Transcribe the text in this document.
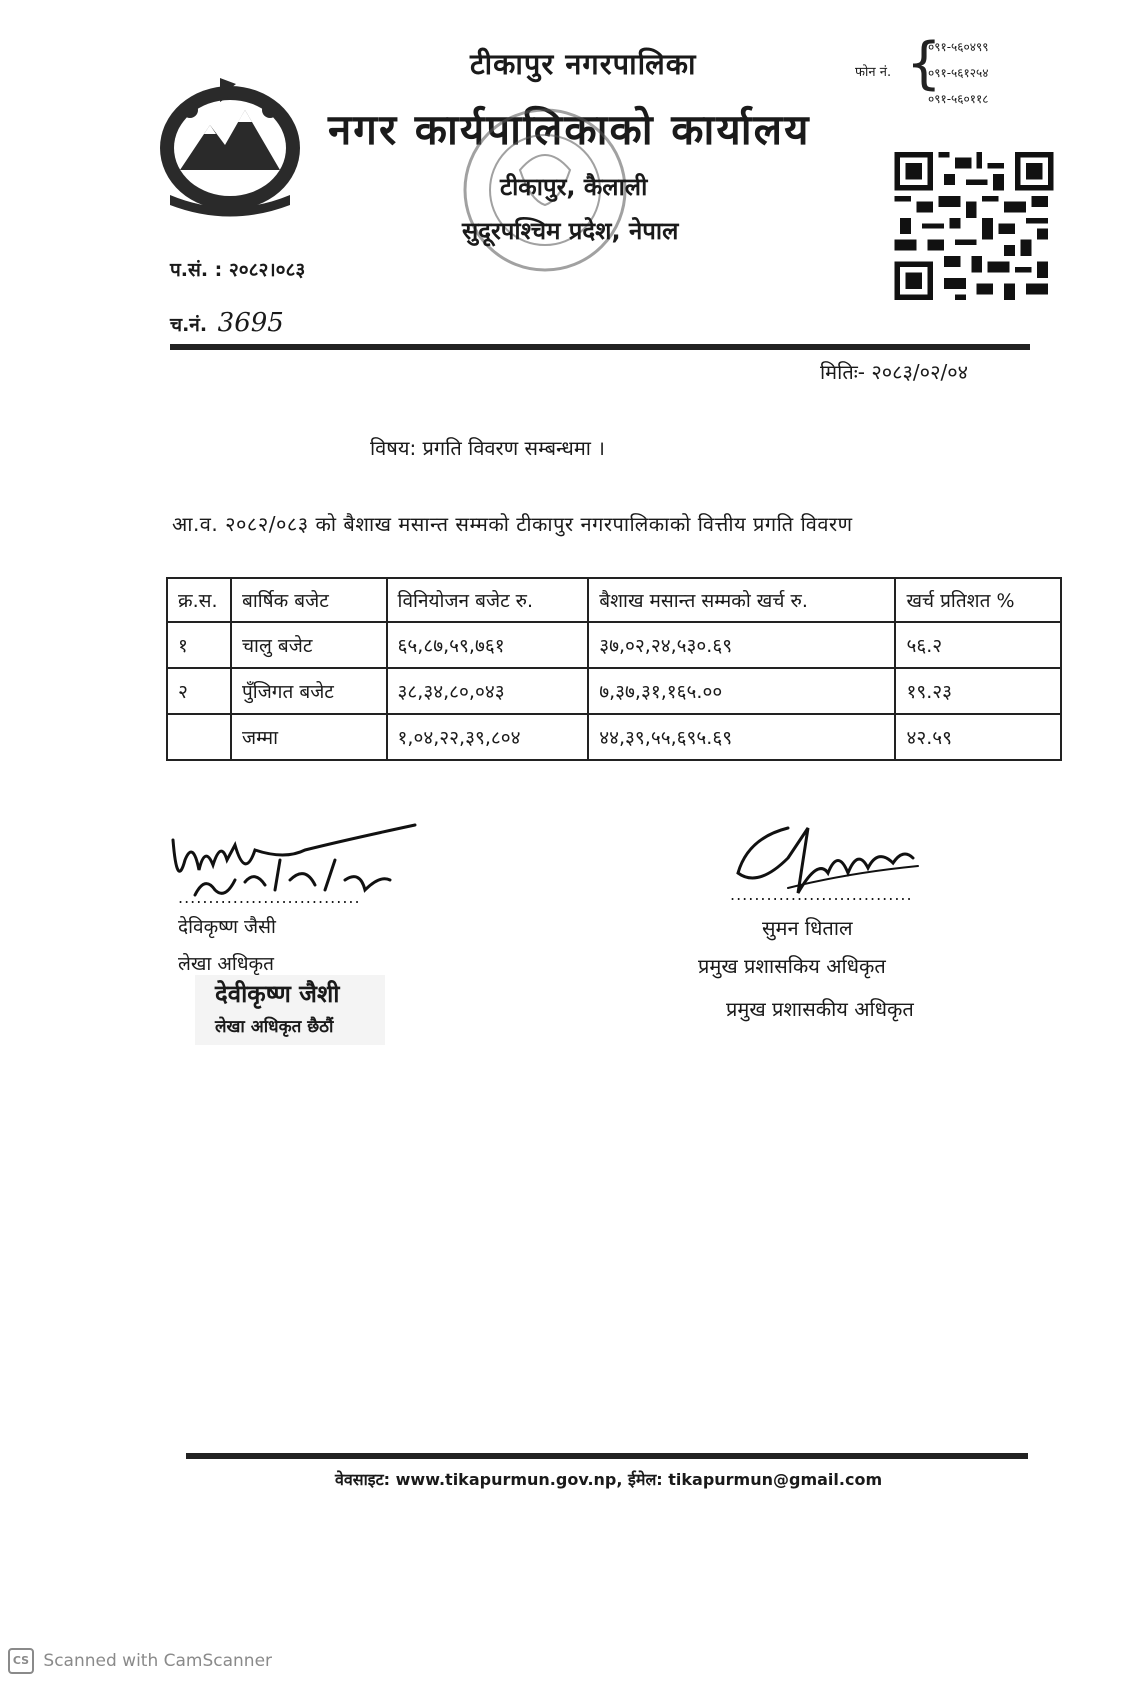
टीकापुर नगरपालिका
नगर कार्यपालिकाको कार्यालय
टीकापुर, कैलाली
सुदूरपश्चिम प्रदेश, नेपाल
फोन नं. {
०९१-५६०४९९
०९१-५६१२५४
०९१-५६०११८
प.सं. : २०८२।०८३
च.नं. 3695
मितिः- २०८३/०२/०४
विषय: प्रगति विवरण सम्बन्धमा ।
आ.व. २०८२/०८३ को बैशाख मसान्त सम्मको टीकापुर नगरपालिकाको वित्तीय प्रगति विवरण
क्र.स.	बार्षिक बजेट	विनियोजन बजेट रु.	बैशाख मसान्त सम्मको खर्च रु.	खर्च प्रतिशत %
१	चालु बजेट	६५,८७,५९,७६१	३७,०२,२४,५३०.६९	५६.२
२	पुँजिगत बजेट	३८,३४,८०,०४३	७,३७,३१,१६५.००	१९.२३
	जम्मा	१,०४,२२,३९,८०४	४४,३९,५५,६९५.६९	४२.५९
..............................
देविकृष्ण जैसी
लेखा अधिकृत
देवीकृष्ण जैशी
लेखा अधिकृत छैठौं
..............................
सुमन धिताल
प्रमुख प्रशासकिय अधिकृत
प्रमुख प्रशासकीय अधिकृत
वेवसाइट: www.tikapurmun.gov.np, ईमेल: tikapurmun@gmail.com
CS Scanned with CamScanner
